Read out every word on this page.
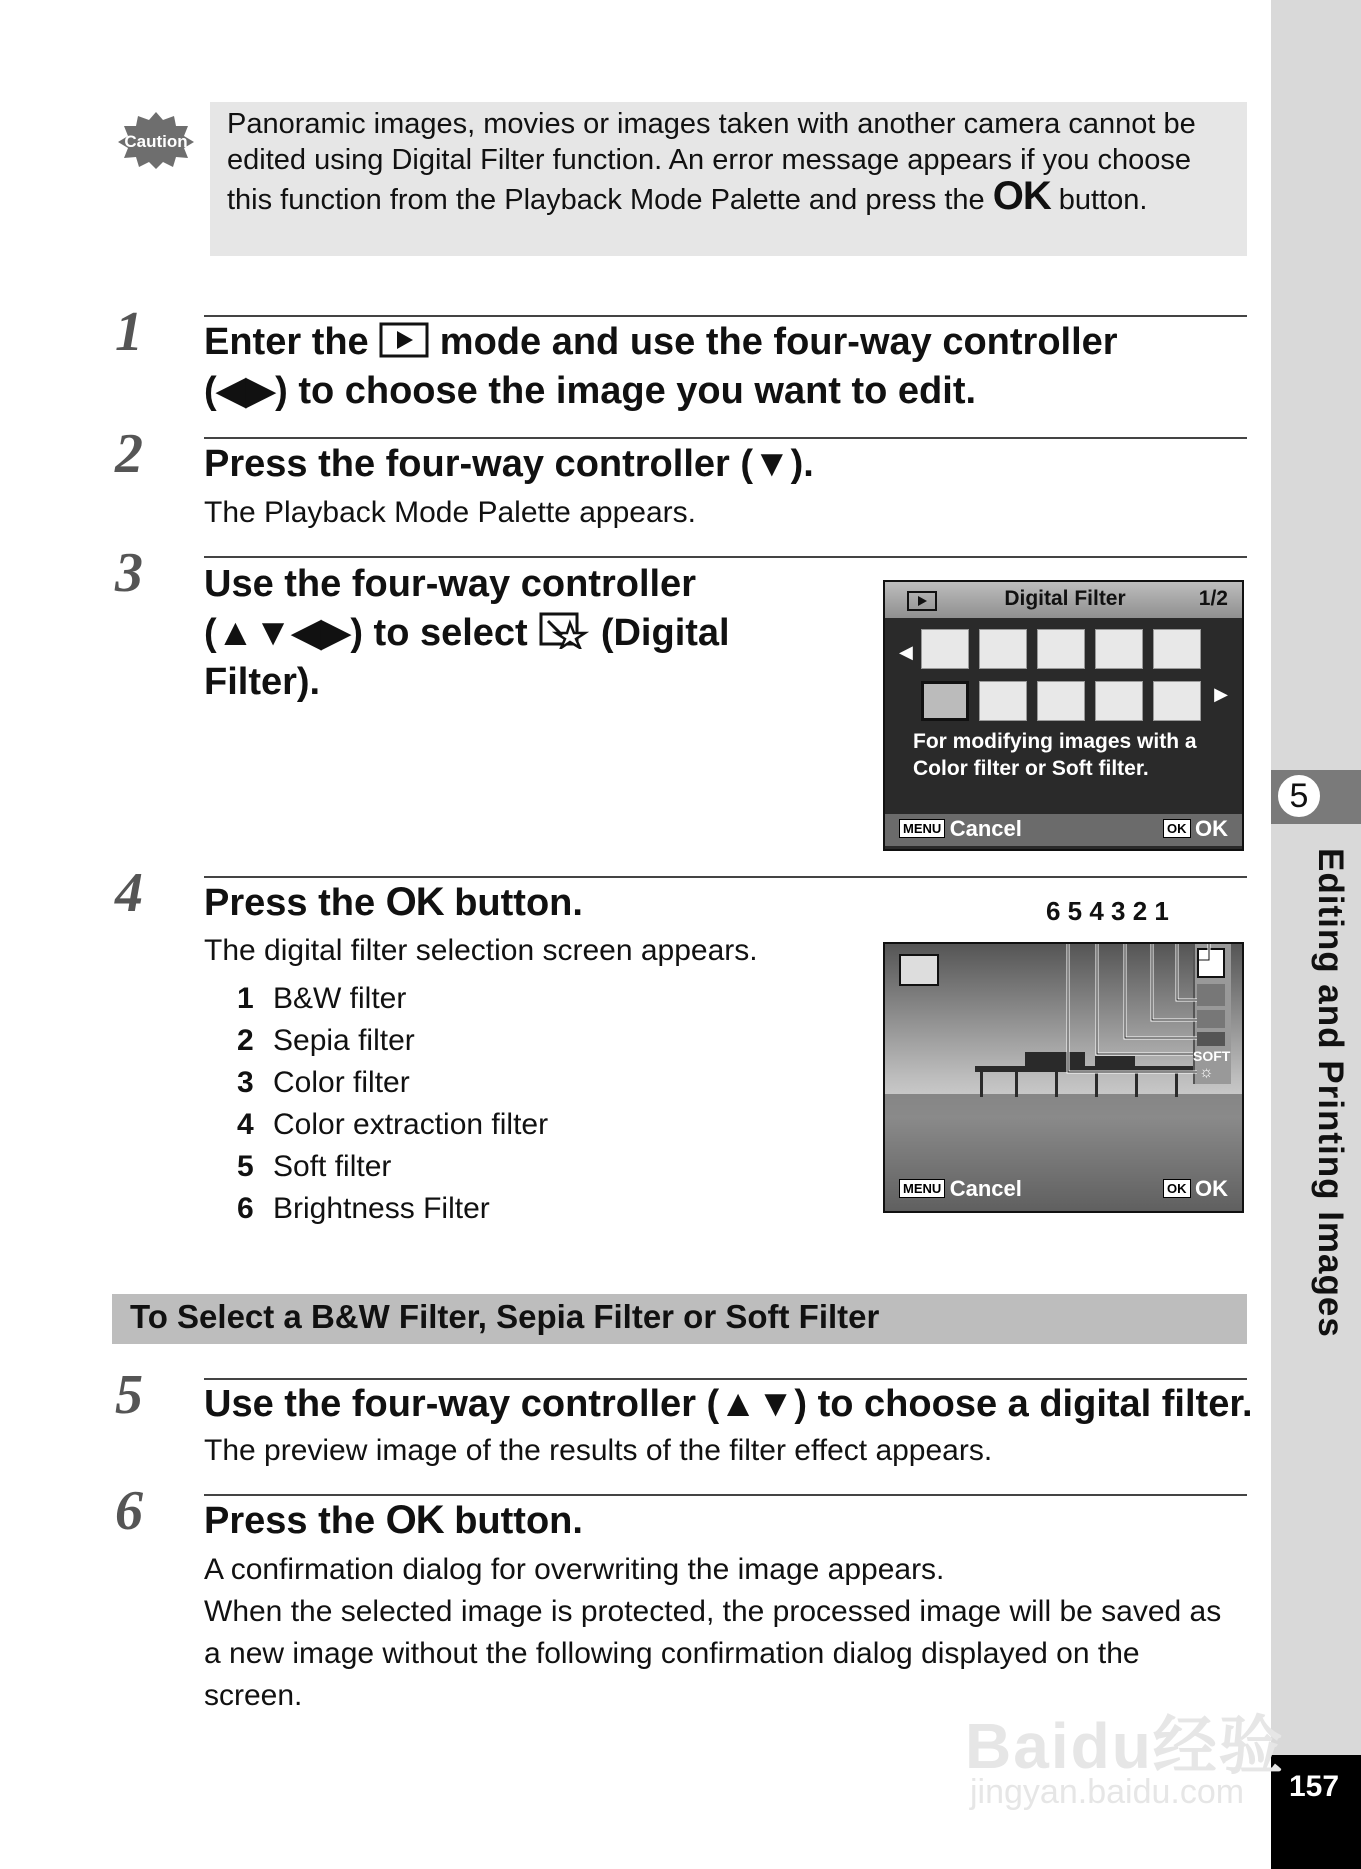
5
Editing and Printing Images
157
Caution
Panoramic images, movies or images taken with another camera cannot be edited using Digital Filter function. An error message appears if you choose this function from the Playback Mode Palette and press the OK button.
1 Enter the  mode and use the four-way controller
(◀▶) to choose the image you want to edit.
2 Press the four-way controller (▼).
The Playback Mode Palette appears.
3 Use the four-way controller
(▲▼◀▶) to select  (Digital
Filter).
Digital Filter	1/2
◀
▶
For modifying images with a Color filter or Soft filter.
MENU Cancel	OK OK
4 Press the OK button.
The digital filter selection screen appears.
1 B&W filter
2 Sepia filter
3 Color filter
4 Color extraction filter
5 Soft filter
6 Brightness Filter
6 5 4 3 2 1
SOFT
☼
MENU Cancel	OK OK
To Select a B&W Filter, Sepia Filter or Soft Filter
5 Use the four-way controller (▲▼) to choose a digital filter.
The preview image of the results of the filter effect appears.
6 Press the OK button.
A confirmation dialog for overwriting the image appears.
When the selected image is protected, the processed image will be saved as a new image without the following confirmation dialog displayed on the screen.
Baidu经验
jingyan.baidu.com
